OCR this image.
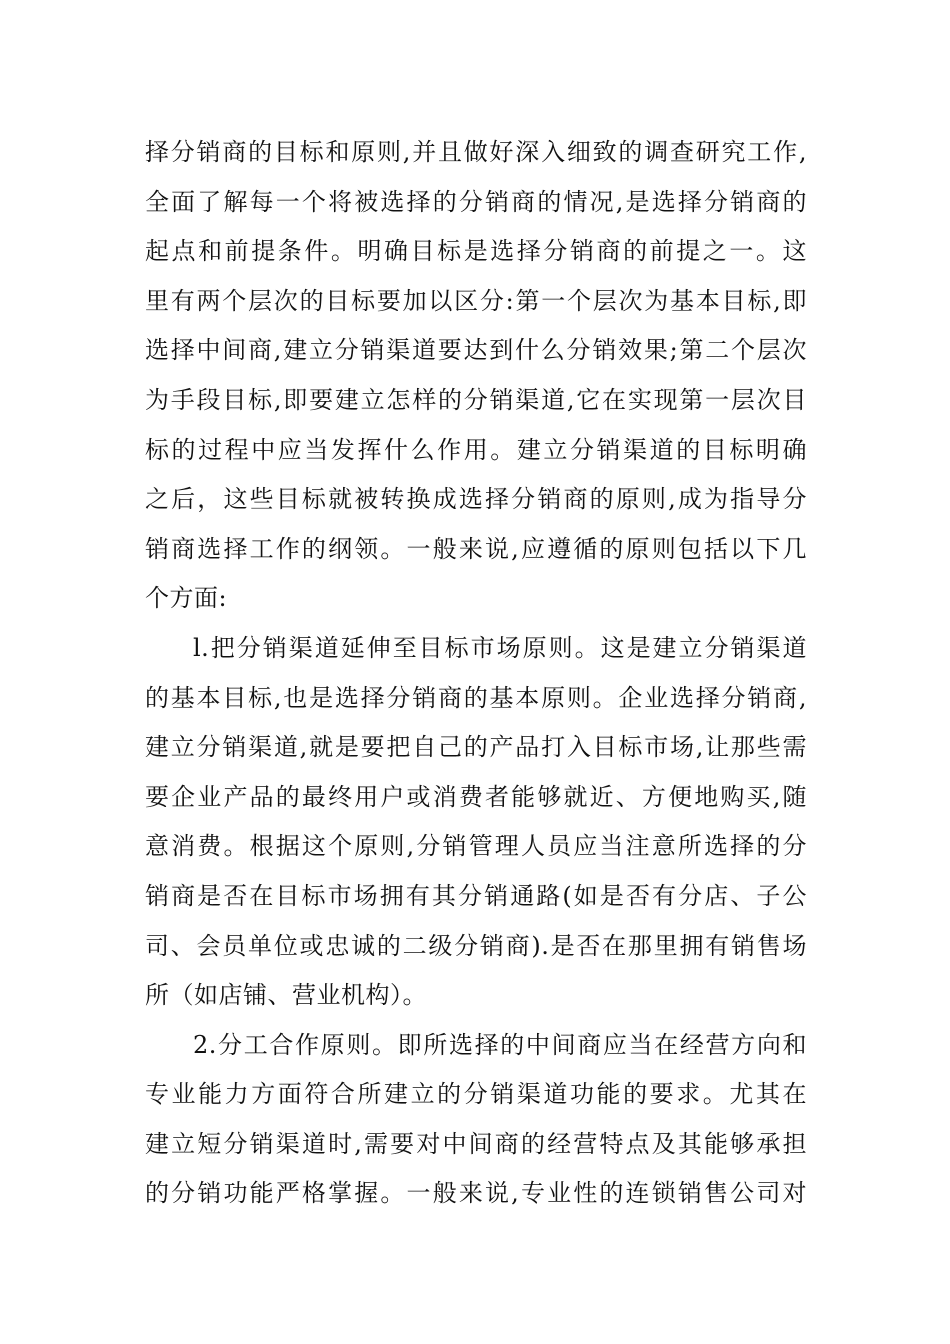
择分销商的目标和原则,并且做好深入细致的调查研究工作,
全面了解每一个将被选择的分销商的情况,是选择分销商的
起点和前提条件。明确目标是选择分销商的前提之一。这
里有两个层次的目标要加以区分:第一个层次为基本目标,即
选择中间商,建立分销渠道要达到什么分销效果;第二个层次
为手段目标,即要建立怎样的分销渠道,它在实现第一层次目
标的过程中应当发挥什么作用。建立分销渠道的目标明确
之后，这些目标就被转换成选择分销商的原则,成为指导分
销商选择工作的纲领。一般来说,应遵循的原则包括以下几
个方面:
l.把分销渠道延伸至目标市场原则。这是建立分销渠道
的基本目标,也是选择分销商的基本原则。企业选择分销商,
建立分销渠道,就是要把自己的产品打入目标市场,让那些需
要企业产品的最终用户或消费者能够就近、方便地购买,随
意消费。根据这个原则,分销管理人员应当注意所选择的分
销商是否在目标市场拥有其分销通路(如是否有分店、子公
司、会员单位或忠诚的二级分销商).是否在那里拥有销售场
所（如店铺、营业机构）。
2.分工合作原则。即所选择的中间商应当在经营方向和
专业能力方面符合所建立的分销渠道功能的要求。尤其在
建立短分销渠道时,需要对中间商的经营特点及其能够承担
的分销功能严格掌握。一般来说,专业性的连锁销售公司对
